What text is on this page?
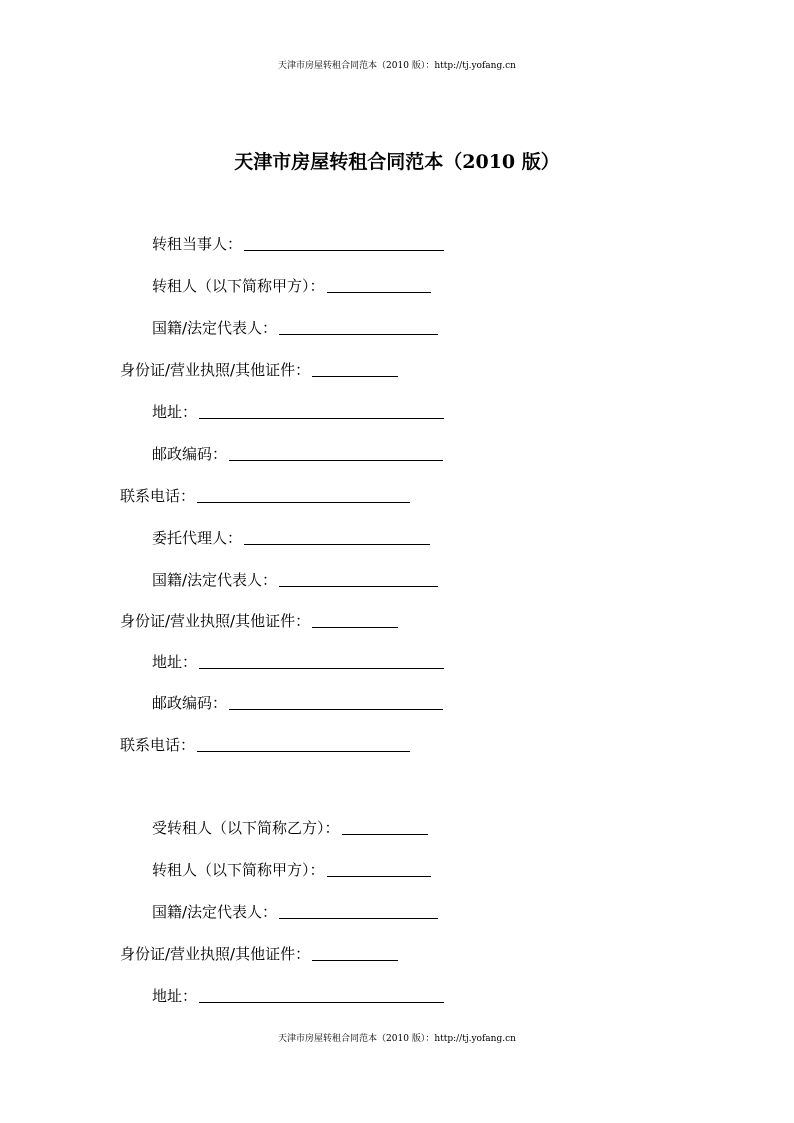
天津市房屋转租合同范本（2010 版）：http://tj.yofang.cn
天津市房屋转租合同范本（2010 版）
转租当事人：
转租人（以下简称甲方）：
国籍/法定代表人：
身份证/营业执照/其他证件：
地址：
邮政编码：
联系电话：
委托代理人：
国籍/法定代表人：
身份证/营业执照/其他证件：
地址：
邮政编码：
联系电话：
受转租人（以下简称乙方）：
转租人（以下简称甲方）：
国籍/法定代表人：
身份证/营业执照/其他证件：
地址：
天津市房屋转租合同范本（2010 版）：http://tj.yofang.cn
